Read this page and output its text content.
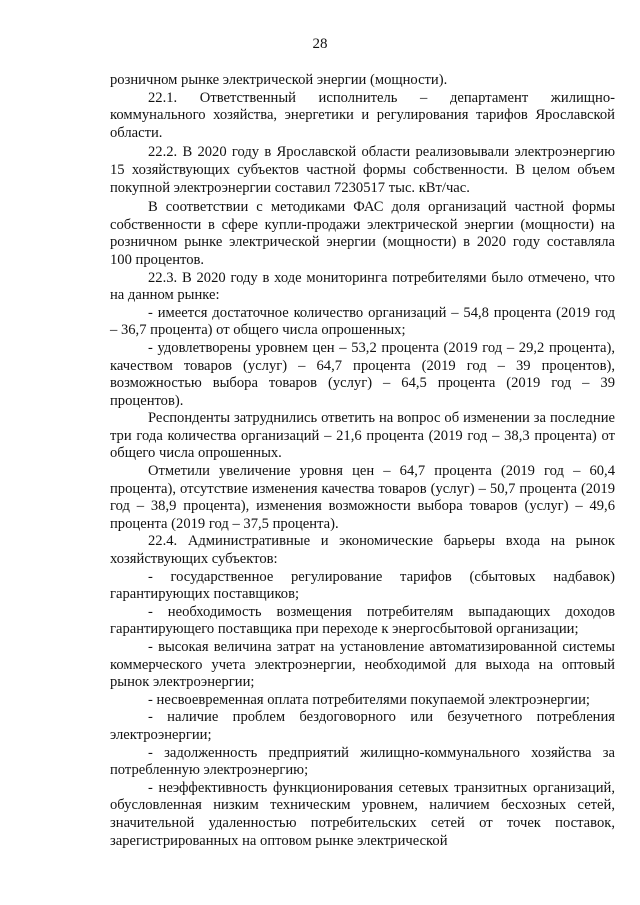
28

розничном рынке электрической энергии (мощности).

22.1. Ответственный исполнитель – департамент жилищно-коммунального хозяйства, энергетики и регулирования тарифов Ярославской области.

22.2. В 2020 году в Ярославской области реализовывали электроэнергию 15 хозяйствующих субъектов частной формы собственности. В целом объем покупной электроэнергии составил 7230517 тыс. кВт/час.

В соответствии с методиками ФАС доля организаций частной формы собственности в сфере купли-продажи электрической энергии (мощности) на розничном рынке электрической энергии (мощности) в 2020 году составляла 100 процентов.

22.3. В 2020 году в ходе мониторинга потребителями было отмечено, что на данном рынке:

- имеется достаточное количество организаций – 54,8 процента (2019 год – 36,7 процента) от общего числа опрошенных;

- удовлетворены уровнем цен – 53,2 процента (2019 год – 29,2 процента), качеством товаров (услуг) – 64,7 процента (2019 год – 39 процентов), возможностью выбора товаров (услуг) – 64,5 процента (2019 год – 39 процентов).

Респонденты затруднились ответить на вопрос об изменении за последние три года количества организаций – 21,6 процента (2019 год – 38,3 процента) от общего числа опрошенных.

Отметили увеличение уровня цен – 64,7 процента (2019 год – 60,4 процента), отсутствие изменения качества товаров (услуг) – 50,7 процента (2019 год – 38,9 процента), изменения возможности выбора товаров (услуг) – 49,6 процента (2019 год – 37,5 процента).

22.4. Административные и экономические барьеры входа на рынок хозяйствующих субъектов:

- государственное регулирование тарифов (сбытовых надбавок) гарантирующих поставщиков;

- необходимость возмещения потребителям выпадающих доходов гарантирующего поставщика при переходе к энергосбытовой организации;

- высокая величина затрат на установление автоматизированной системы коммерческого учета электроэнергии, необходимой для выхода на оптовый рынок электроэнергии;

- несвоевременная оплата потребителями покупаемой электроэнергии;

- наличие проблем бездоговорного или безучетного потребления электроэнергии;

- задолженность предприятий жилищно-коммунального хозяйства за потребленную электроэнергию;

- неэффективность функционирования сетевых транзитных организаций, обусловленная низким техническим уровнем, наличием бесхозных сетей, значительной удаленностью потребительских сетей от точек поставок, зарегистрированных на оптовом рынке электрической
